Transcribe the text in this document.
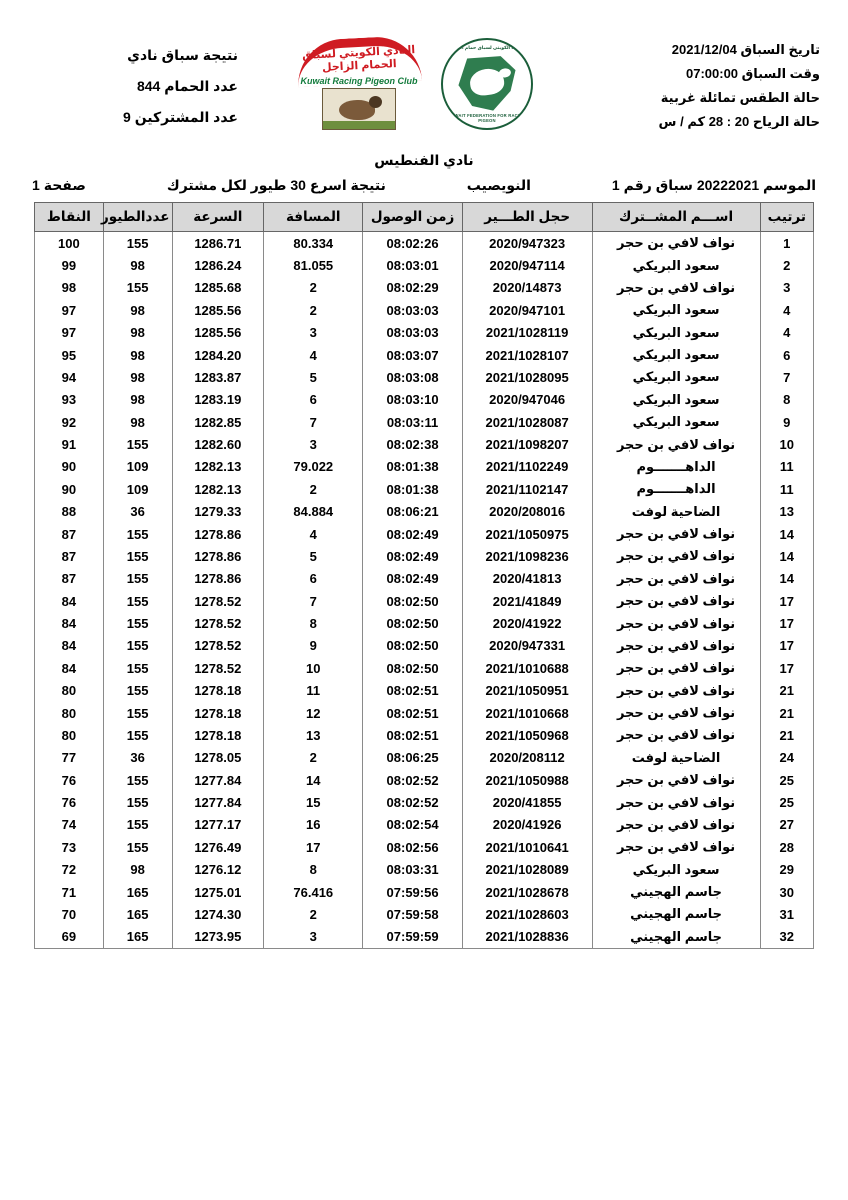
تاريخ السباق 2021/12/04
وقت السباق 07:00:00
حالة الطقس تمائلة غربية
حالة الرياح 20 : 28 كم / س
الاتحاد الكويتي لسباق حمام الزاجل
KUWAIT FEDERATION FOR RACING PIGEON
النادي الكويتي لسباق الحمام الزاجل
Kuwait Racing Pigeon Club
نتيجة سباق نادي
عدد الحمام 844
عدد المشتركين 9
نادي الفنطيس
الموسم 20222021 سباق رقم 1
النويصيب
نتيجة اسرع 30 طيور لكل مشترك
صفحة 1
ترتيب	اســـم المشــترك	حجل الطـــير	زمن الوصول	المسافة	السرعة	عددالطيور	النقاط
1	نواف لافي بن حجر	2020/947323	08:02:26	80.334	1286.71	155	100
2	سعود البريكي	2020/947114	08:03:01	81.055	1286.24	98	99
3	نواف لافي بن حجر	2020/14873	08:02:29	2	1285.68	155	98
4	سعود البريكي	2020/947101	08:03:03	2	1285.56	98	97
4	سعود البريكي	2021/1028119	08:03:03	3	1285.56	98	97
6	سعود البريكي	2021/1028107	08:03:07	4	1284.20	98	95
7	سعود البريكي	2021/1028095	08:03:08	5	1283.87	98	94
8	سعود البريكي	2020/947046	08:03:10	6	1283.19	98	93
9	سعود البريكي	2021/1028087	08:03:11	7	1282.85	98	92
10	نواف لافي بن حجر	2021/1098207	08:02:38	3	1282.60	155	91
11	الداهـــــــوم	2021/1102249	08:01:38	79.022	1282.13	109	90
11	الداهـــــــوم	2021/1102147	08:01:38	2	1282.13	109	90
13	الضاحية لوفت	2020/208016	08:06:21	84.884	1279.33	36	88
14	نواف لافي بن حجر	2021/1050975	08:02:49	4	1278.86	155	87
14	نواف لافي بن حجر	2021/1098236	08:02:49	5	1278.86	155	87
14	نواف لافي بن حجر	2020/41813	08:02:49	6	1278.86	155	87
17	نواف لافي بن حجر	2021/41849	08:02:50	7	1278.52	155	84
17	نواف لافي بن حجر	2020/41922	08:02:50	8	1278.52	155	84
17	نواف لافي بن حجر	2020/947331	08:02:50	9	1278.52	155	84
17	نواف لافي بن حجر	2021/1010688	08:02:50	10	1278.52	155	84
21	نواف لافي بن حجر	2021/1050951	08:02:51	11	1278.18	155	80
21	نواف لافي بن حجر	2021/1010668	08:02:51	12	1278.18	155	80
21	نواف لافي بن حجر	2021/1050968	08:02:51	13	1278.18	155	80
24	الضاحية لوفت	2020/208112	08:06:25	2	1278.05	36	77
25	نواف لافي بن حجر	2021/1050988	08:02:52	14	1277.84	155	76
25	نواف لافي بن حجر	2020/41855	08:02:52	15	1277.84	155	76
27	نواف لافي بن حجر	2020/41926	08:02:54	16	1277.17	155	74
28	نواف لافي بن حجر	2021/1010641	08:02:56	17	1276.49	155	73
29	سعود البريكي	2021/1028089	08:03:31	8	1276.12	98	72
30	جاسم الهجيني	2021/1028678	07:59:56	76.416	1275.01	165	71
31	جاسم الهجيني	2021/1028603	07:59:58	2	1274.30	165	70
32	جاسم الهجيني	2021/1028836	07:59:59	3	1273.95	165	69
